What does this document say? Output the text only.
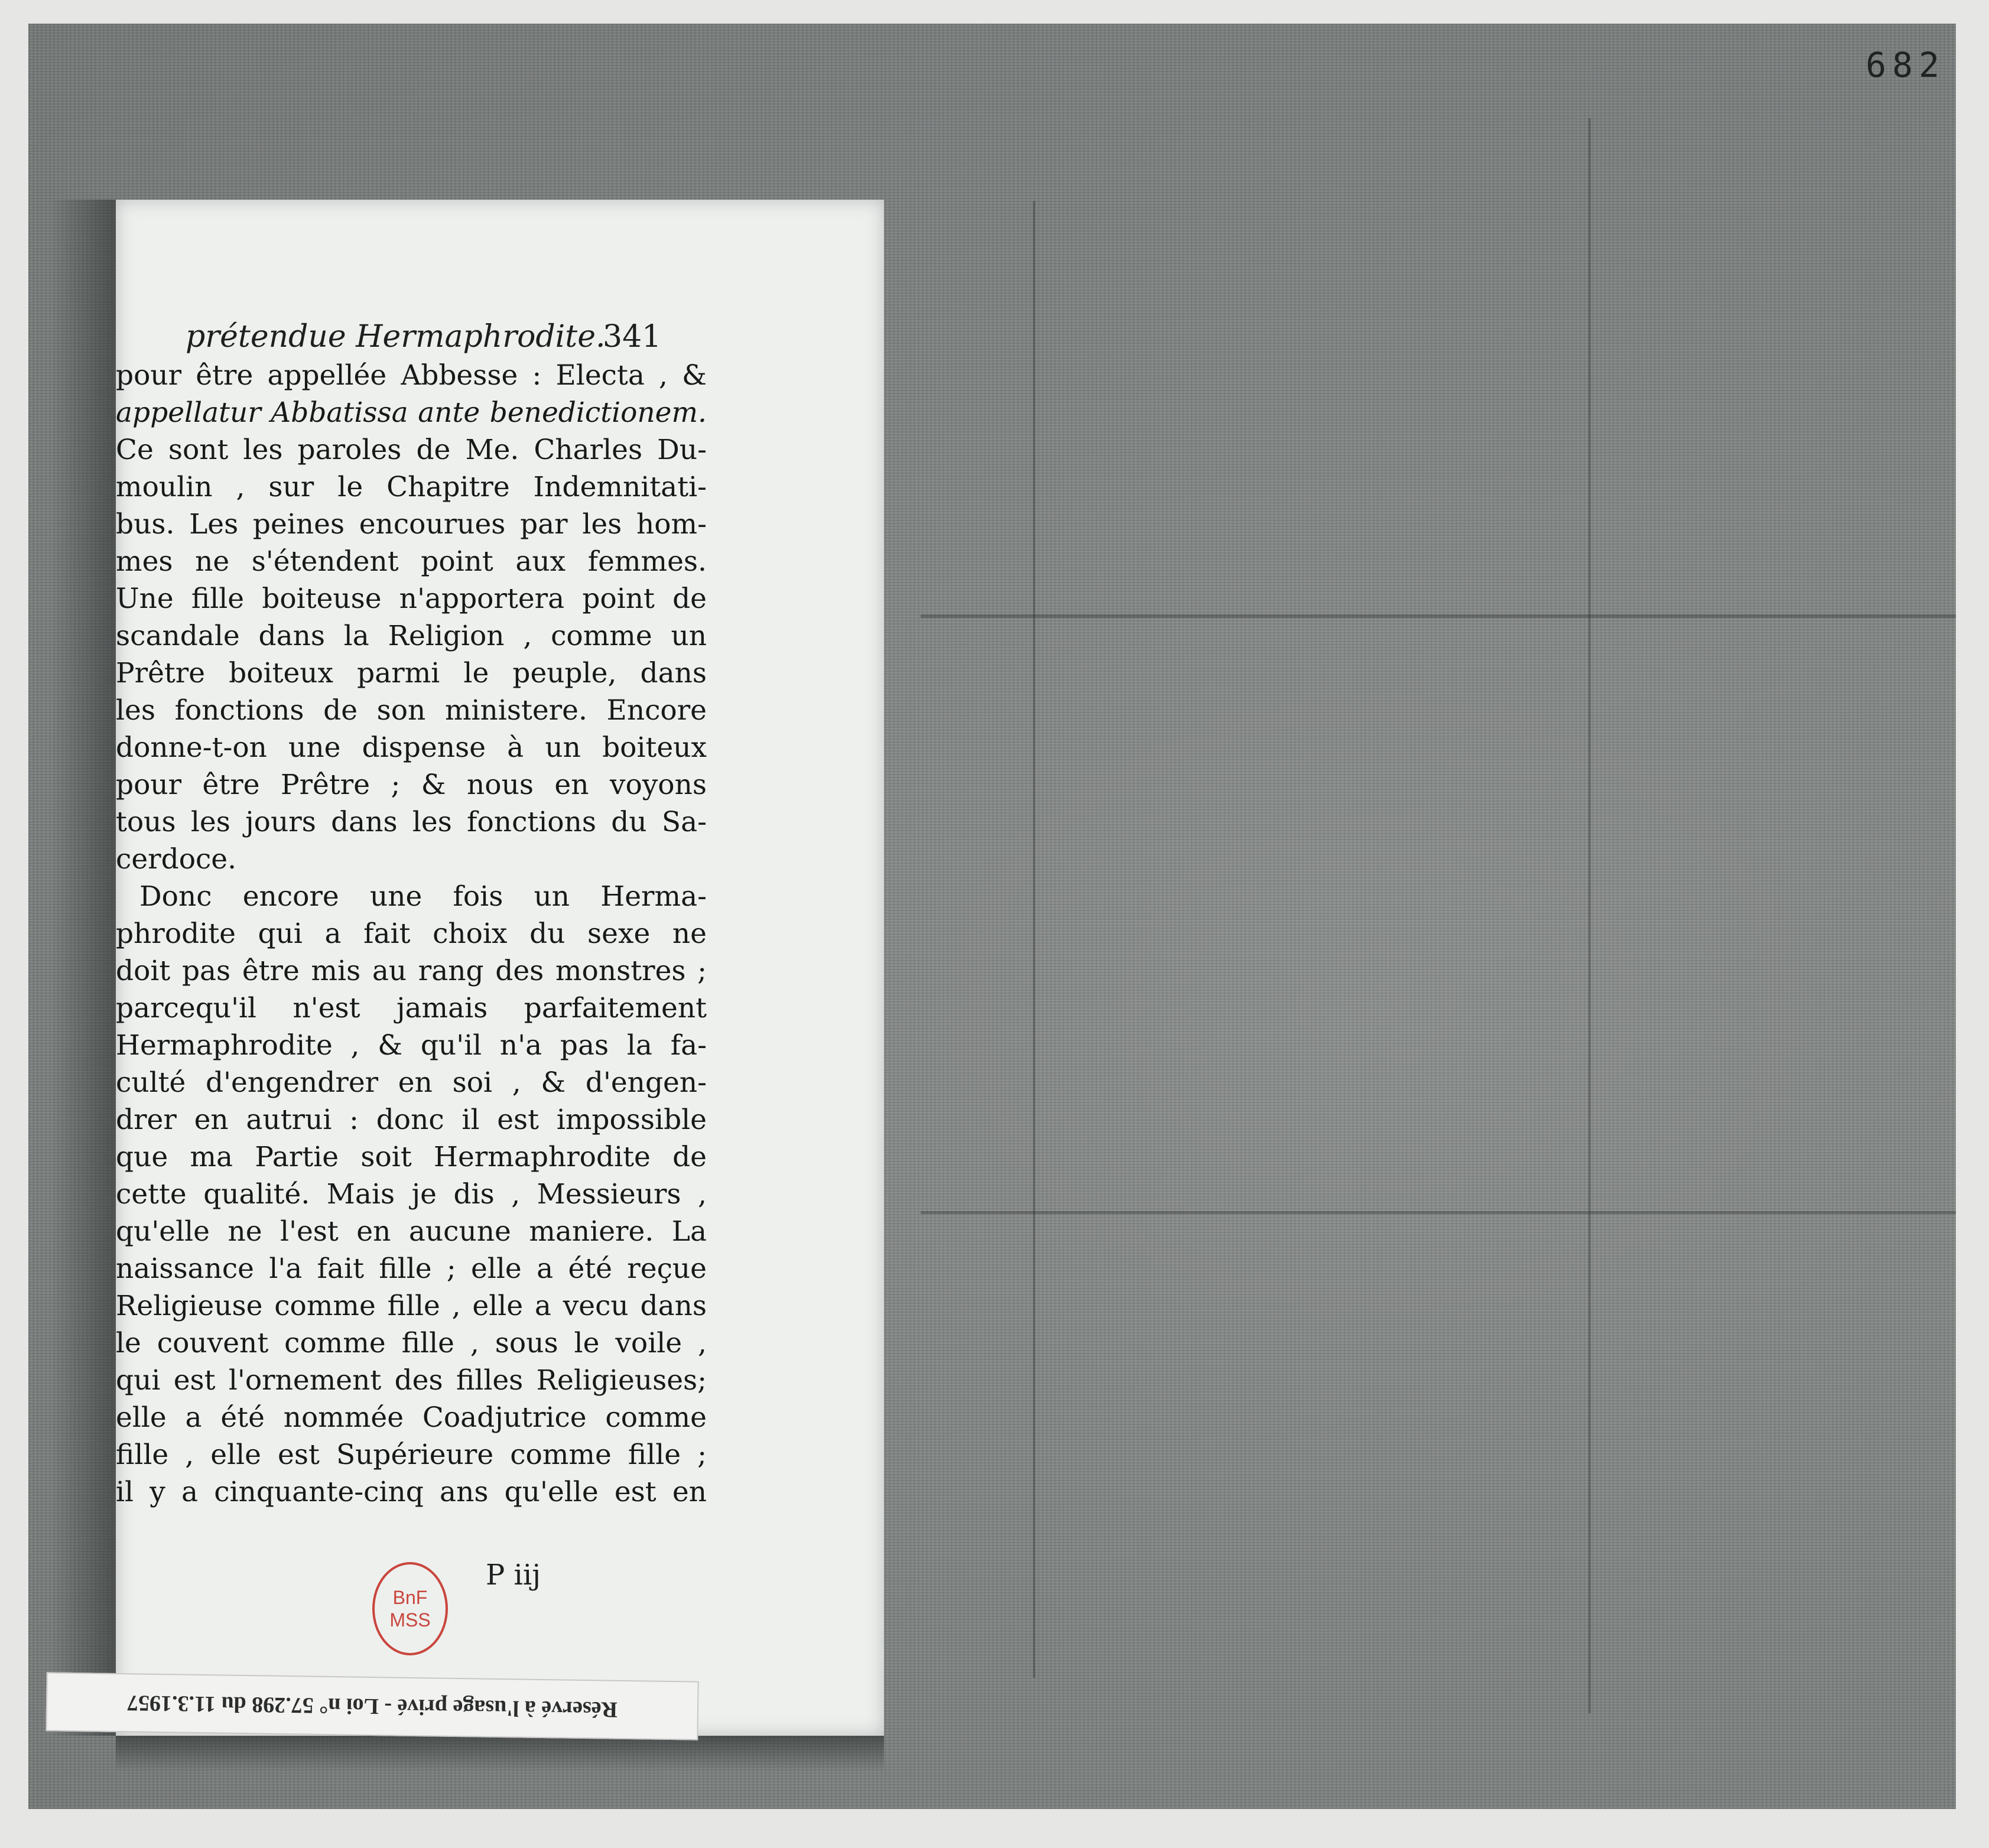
682
prétendue Hermaphrodite.
341
pour être appellée Abbesse : Electa , &
appellatur Abbatissa ante benedictionem.
Ce sont les paroles de Me. Charles Du-
moulin , sur le Chapitre Indemnitati-
bus. Les peines encourues par les hom-
mes ne s'étendent point aux femmes.
Une fille boiteuse n'apportera point de
scandale dans la Religion , comme un
Prêtre boiteux parmi le peuple, dans
les fonctions de son ministere. Encore
donne-t-on une dispense à un boiteux
pour être Prêtre ; & nous en voyons
tous les jours dans les fonctions du Sa-
cerdoce.
Donc encore une fois un Herma-
phrodite qui a fait choix du sexe ne
doit pas être mis au rang des monstres ;
parcequ'il n'est jamais parfaitement
Hermaphrodite , & qu'il n'a pas la fa-
culté d'engendrer en soi , & d'engen-
drer en autrui : donc il est impossible
que ma Partie soit Hermaphrodite de
cette qualité. Mais je dis , Messieurs ,
qu'elle ne l'est en aucune maniere. La
naissance l'a fait fille ; elle a été reçue
Religieuse comme fille , elle a vecu dans
le couvent comme fille , sous le voile ,
qui est l'ornement des filles Religieuses;
elle a été nommée Coadjutrice comme
fille , elle est Supérieure comme fille ;
il y a cinquante-cinq ans qu'elle est en
P iij
BnF
MSS
Réservé à l'usage privé - Loi n° 57.298 du 11.3.1957
